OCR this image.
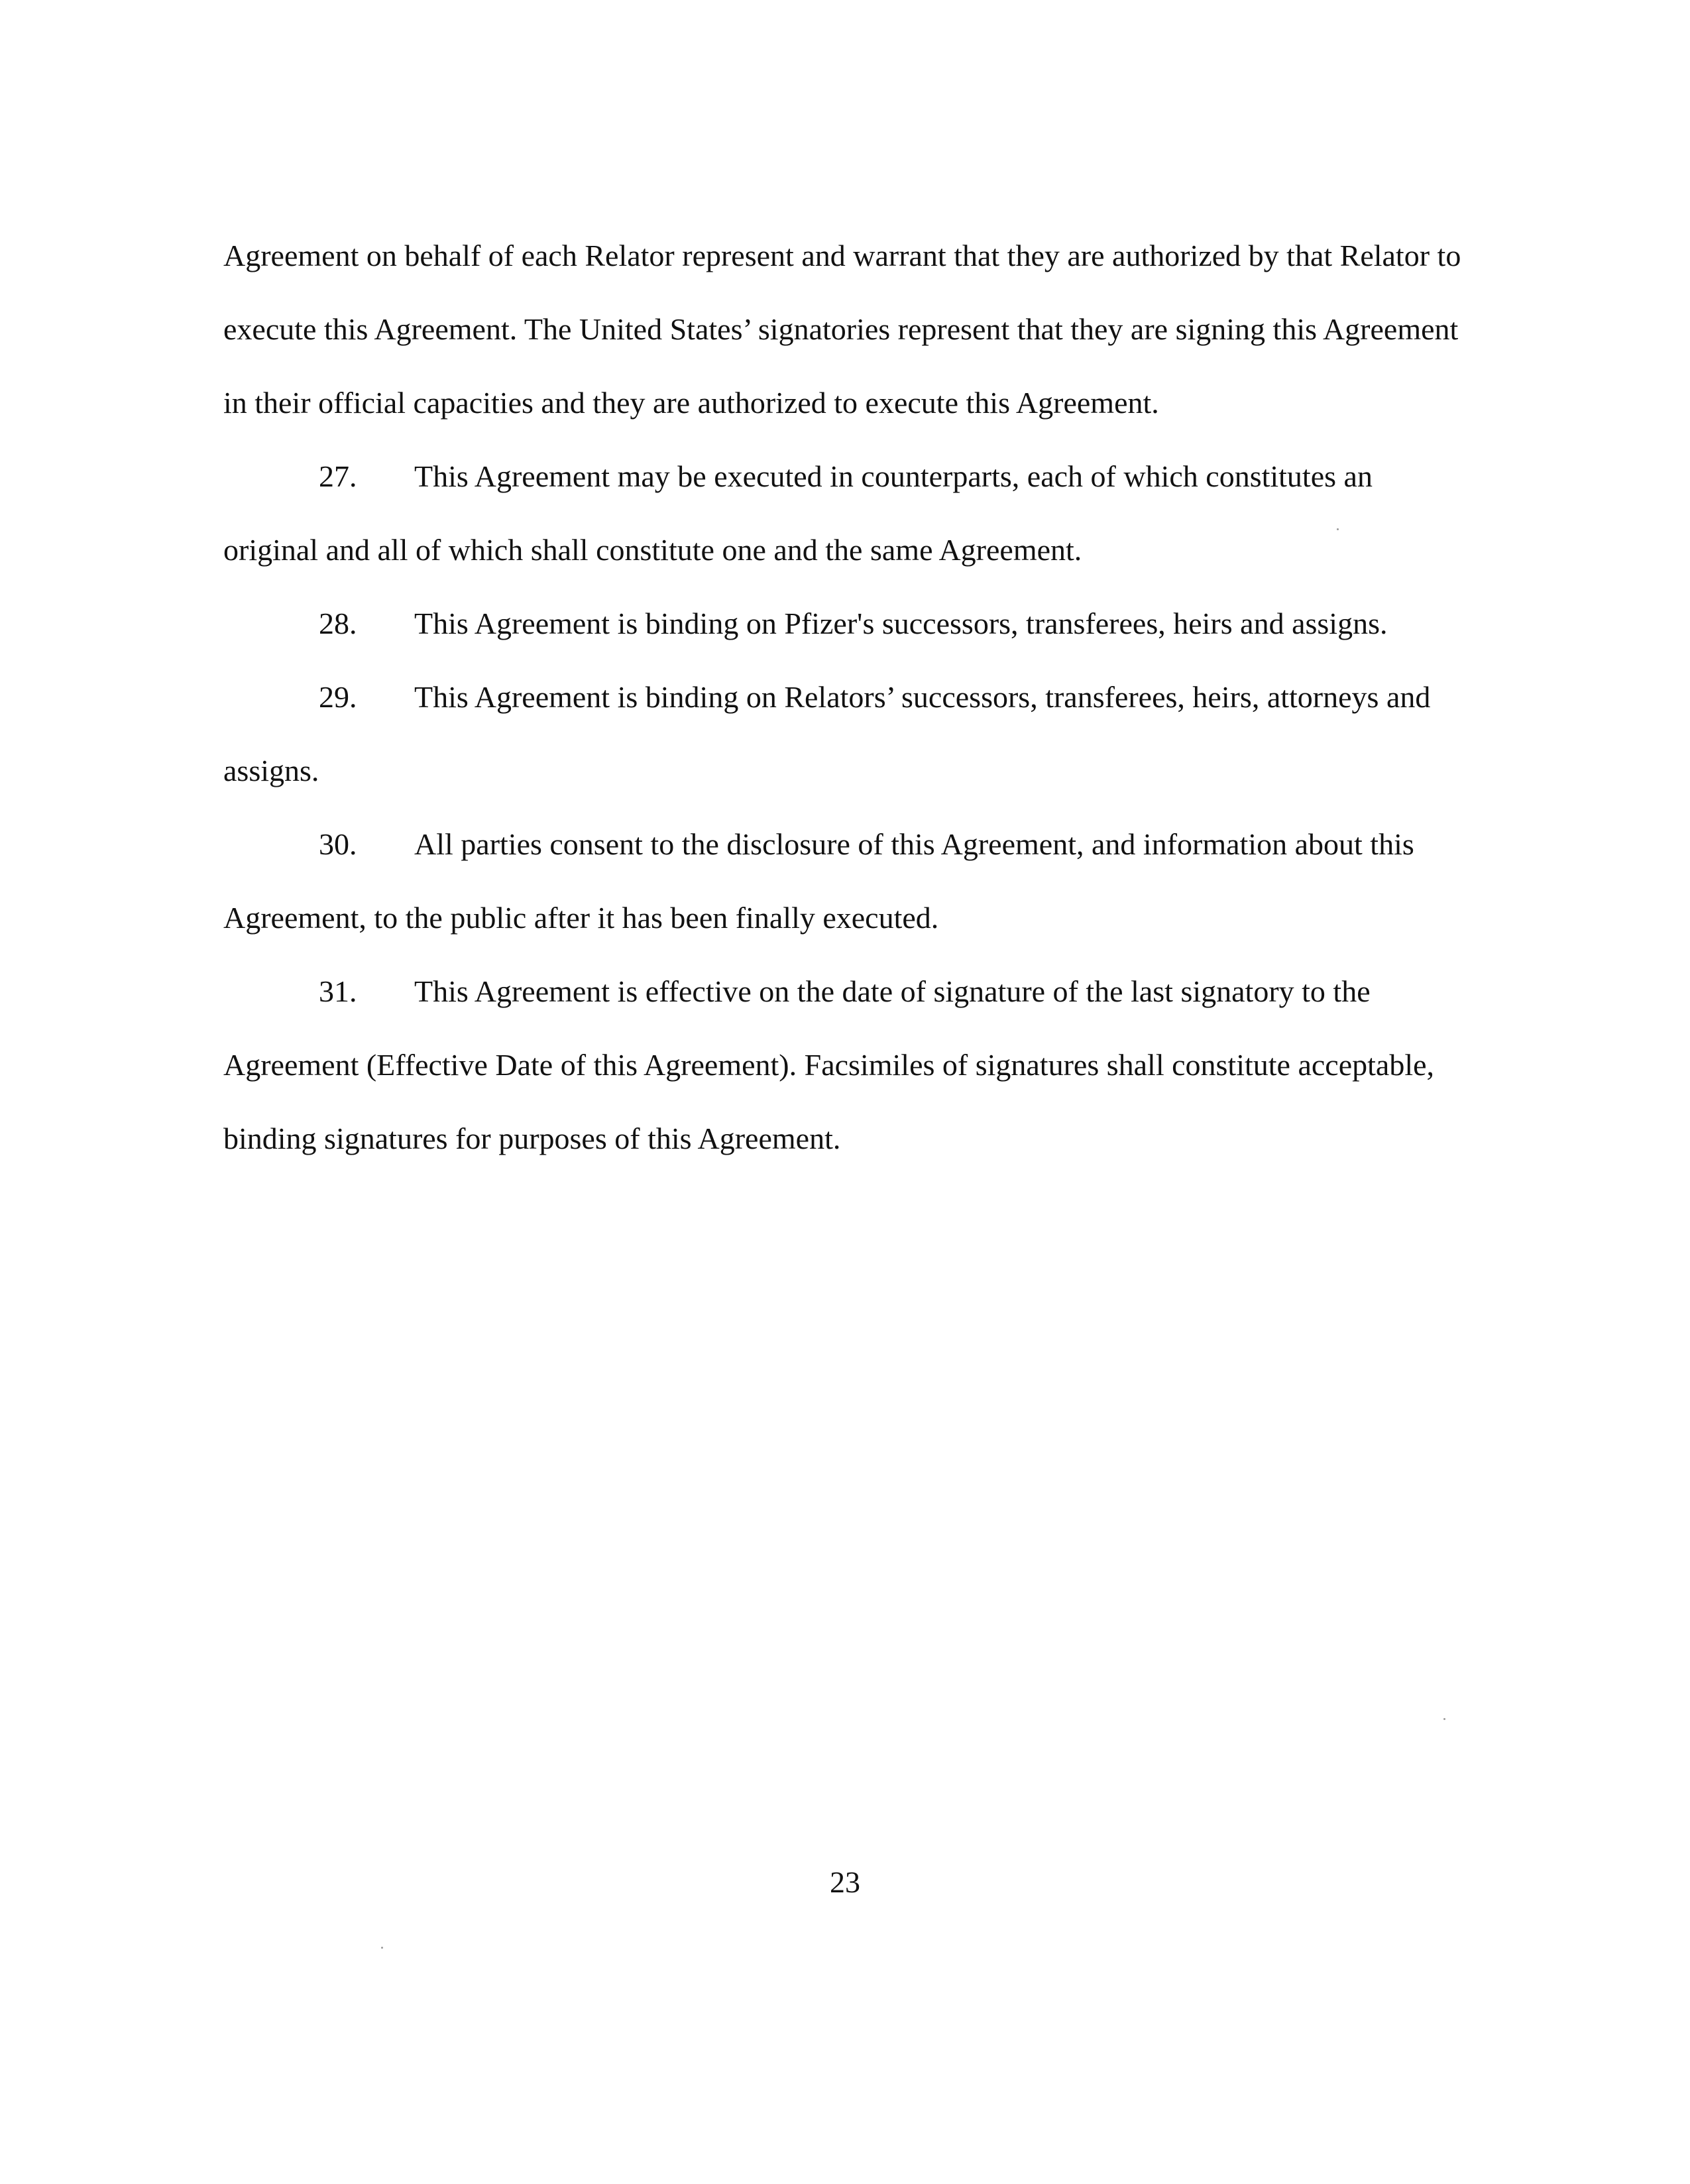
Agreement on behalf of each Relator represent and warrant that they are authorized by that Relator to execute this Agreement. The United States’ signatories represent that they are signing this Agreement in their official capacities and they are authorized to execute this Agreement.

27. This Agreement may be executed in counterparts, each of which constitutes an original and all of which shall constitute one and the same Agreement.

28. This Agreement is binding on Pfizer's successors, transferees, heirs and assigns.

29. This Agreement is binding on Relators’ successors, transferees, heirs, attorneys and assigns.

30. All parties consent to the disclosure of this Agreement, and information about this Agreement, to the public after it has been finally executed.

31. This Agreement is effective on the date of signature of the last signatory to the Agreement (Effective Date of this Agreement). Facsimiles of signatures shall constitute acceptable, binding signatures for purposes of this Agreement.

23
